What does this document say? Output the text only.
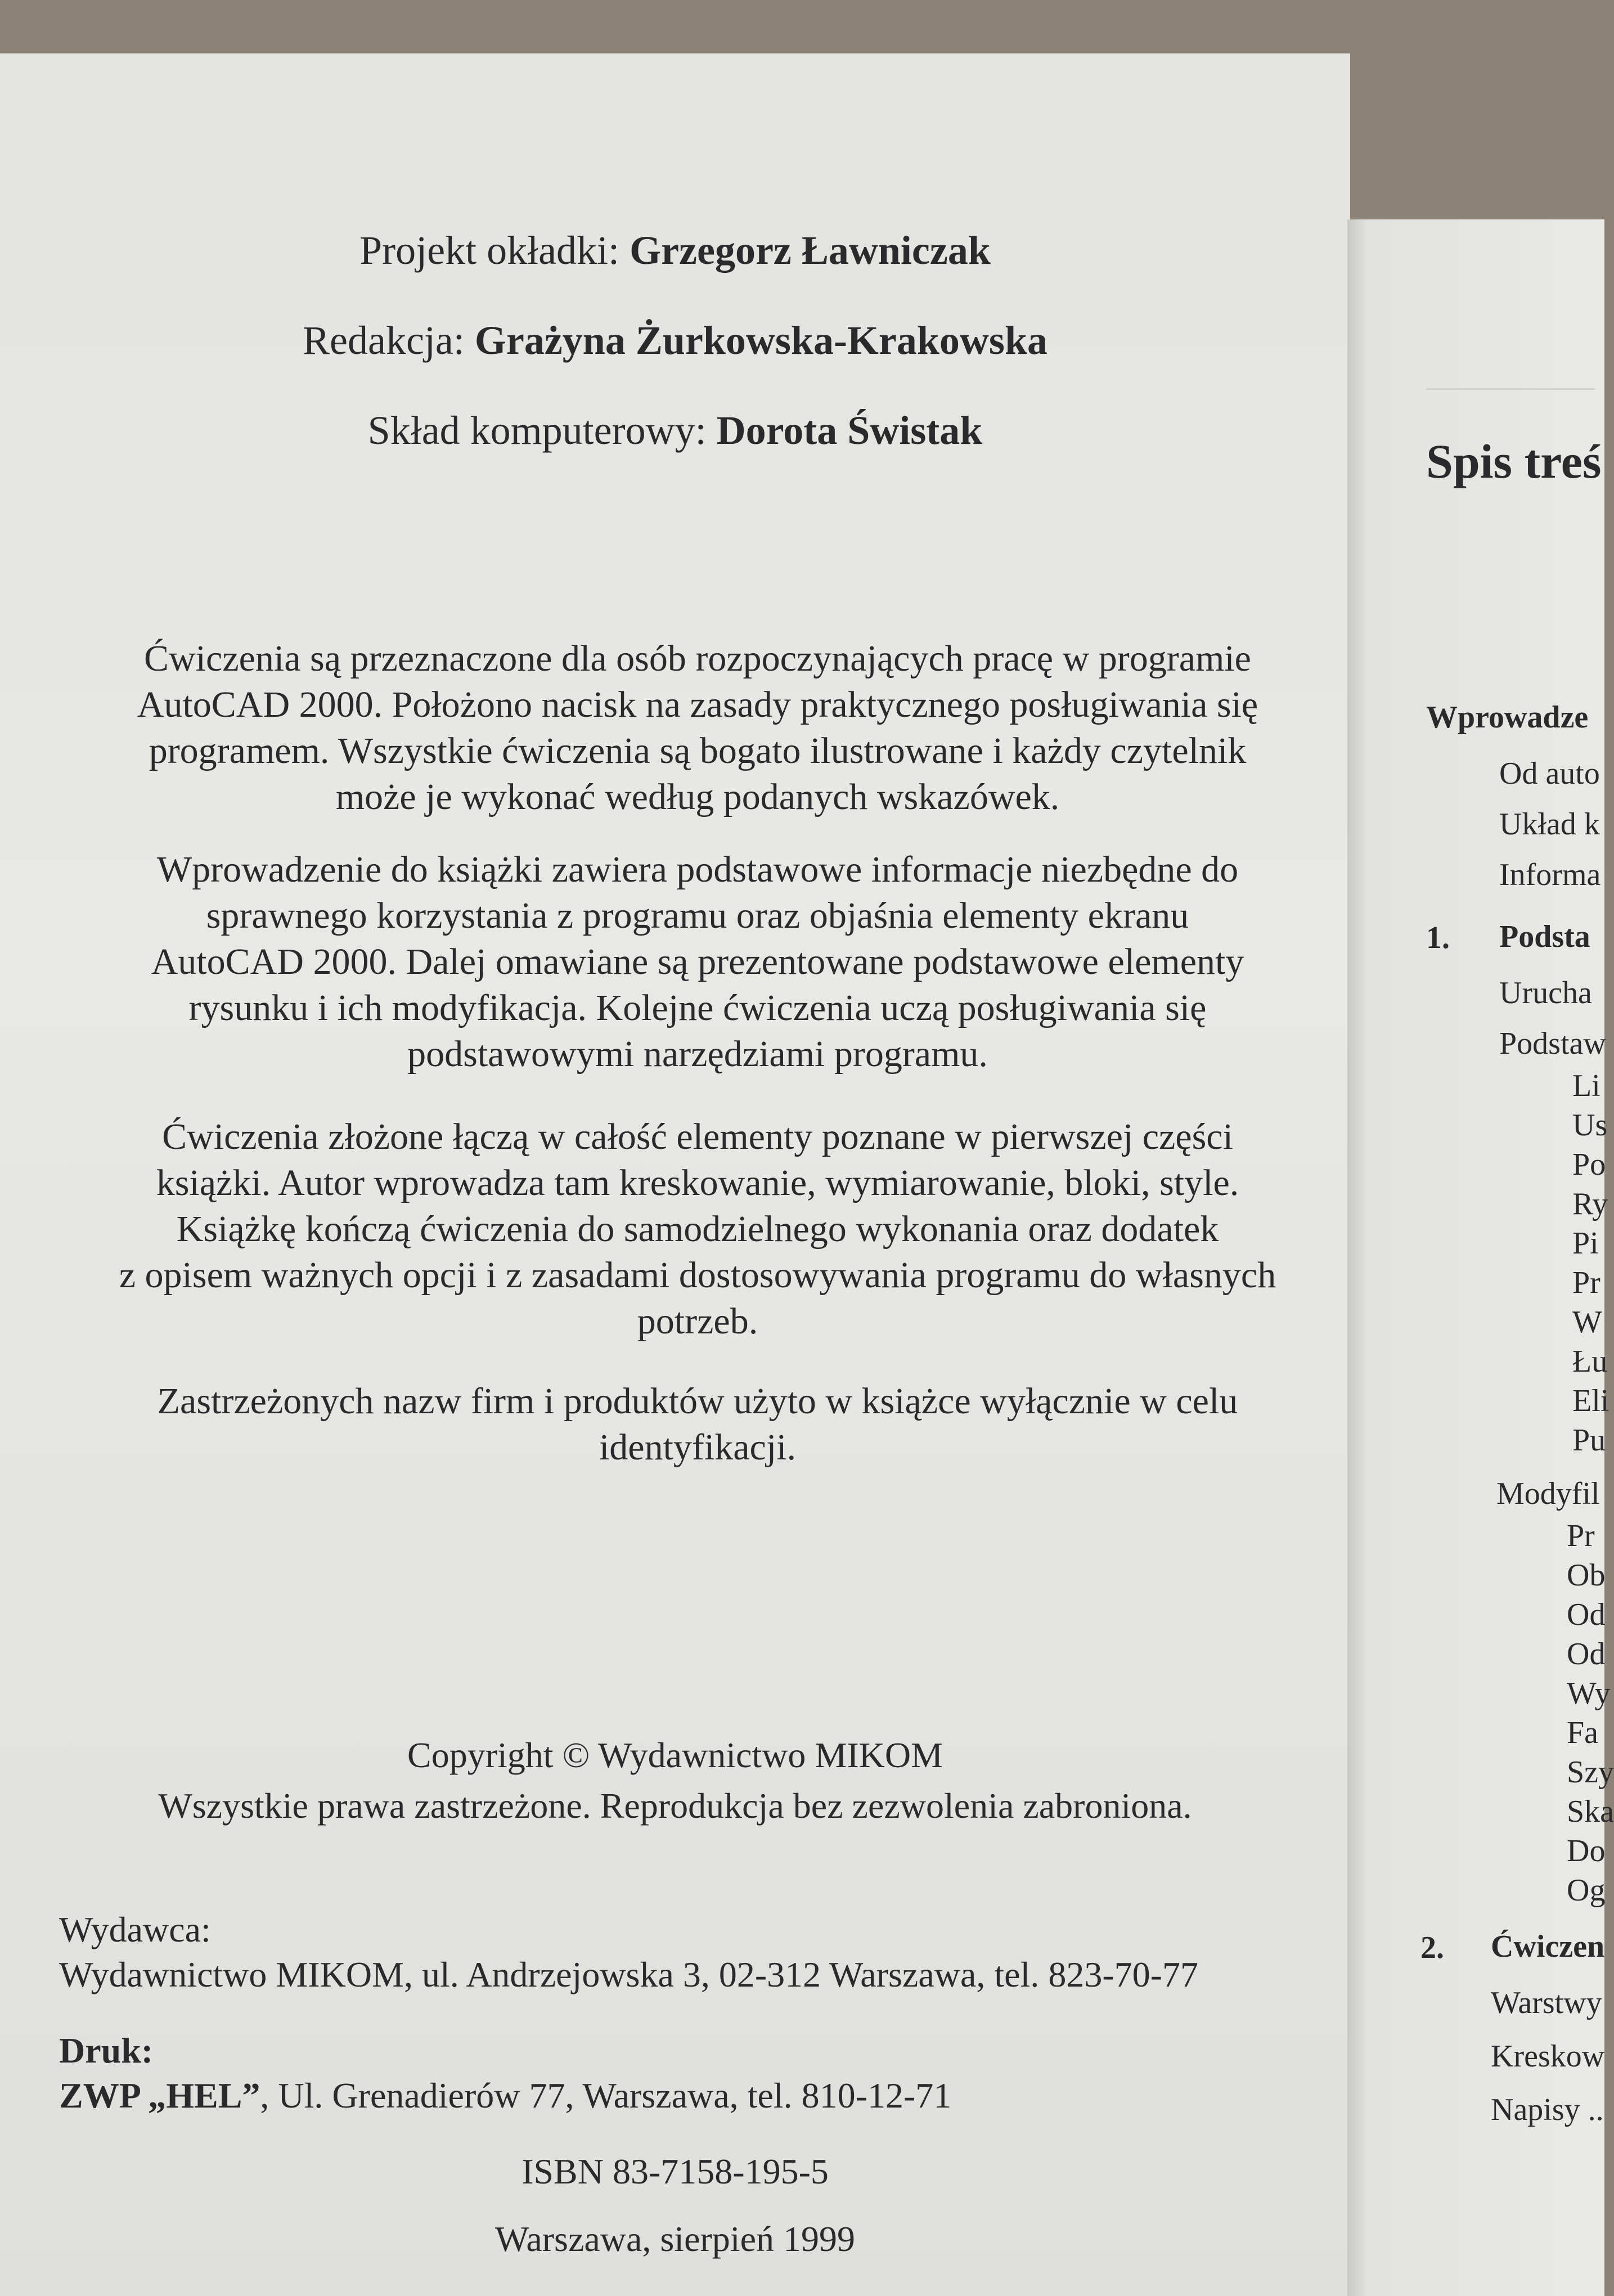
Projekt okładki: Grzegorz Ławniczak
Redakcja: Grażyna Żurkowska-Krakowska
Skład komputerowy: Dorota Świstak
Ćwiczenia są przeznaczone dla osób rozpoczynających pracę w programie
AutoCAD 2000. Położono nacisk na zasady praktycznego posługiwania się
programem. Wszystkie ćwiczenia są bogato ilustrowane i każdy czytelnik
może je wykonać według podanych wskazówek.
Wprowadzenie do książki zawiera podstawowe informacje niezbędne do
sprawnego korzystania z programu oraz objaśnia elementy ekranu
AutoCAD 2000. Dalej omawiane są prezentowane podstawowe elementy
rysunku i ich modyfikacja. Kolejne ćwiczenia uczą posługiwania się
podstawowymi narzędziami programu.
Ćwiczenia złożone łączą w całość elementy poznane w pierwszej części
książki. Autor wprowadza tam kreskowanie, wymiarowanie, bloki, style.
Książkę kończą ćwiczenia do samodzielnego wykonania oraz dodatek
z opisem ważnych opcji i z zasadami dostosowywania programu do własnych
potrzeb.
Zastrzeżonych nazw firm i produktów użyto w książce wyłącznie w celu
identyfikacji.
Copyright © Wydawnictwo MIKOM
Wszystkie prawa zastrzeżone. Reprodukcja bez zezwolenia zabroniona.
Wydawca:
Wydawnictwo MIKOM, ul. Andrzejowska 3, 02-312 Warszawa, tel. 823-70-77
Druk:
ZWP „HEL”, Ul. Grenadierów 77, Warszawa, tel. 810-12-71
ISBN 83-7158-195-5
Warszawa, sierpień 1999
Spis treś
Wprowadze
Od auto
Układ k
Informa
1. Podsta
Urucha
Podstaw
Li
Us
Po
Ry
Pi
Pr
W
Łu
Eli
Pu
Modyfil
Pr
Ob
Od
Od
Wy
Fa
Szy
Ska
Do
Og
2. Ćwiczen
Warstwy
Kreskow
Napisy ..
